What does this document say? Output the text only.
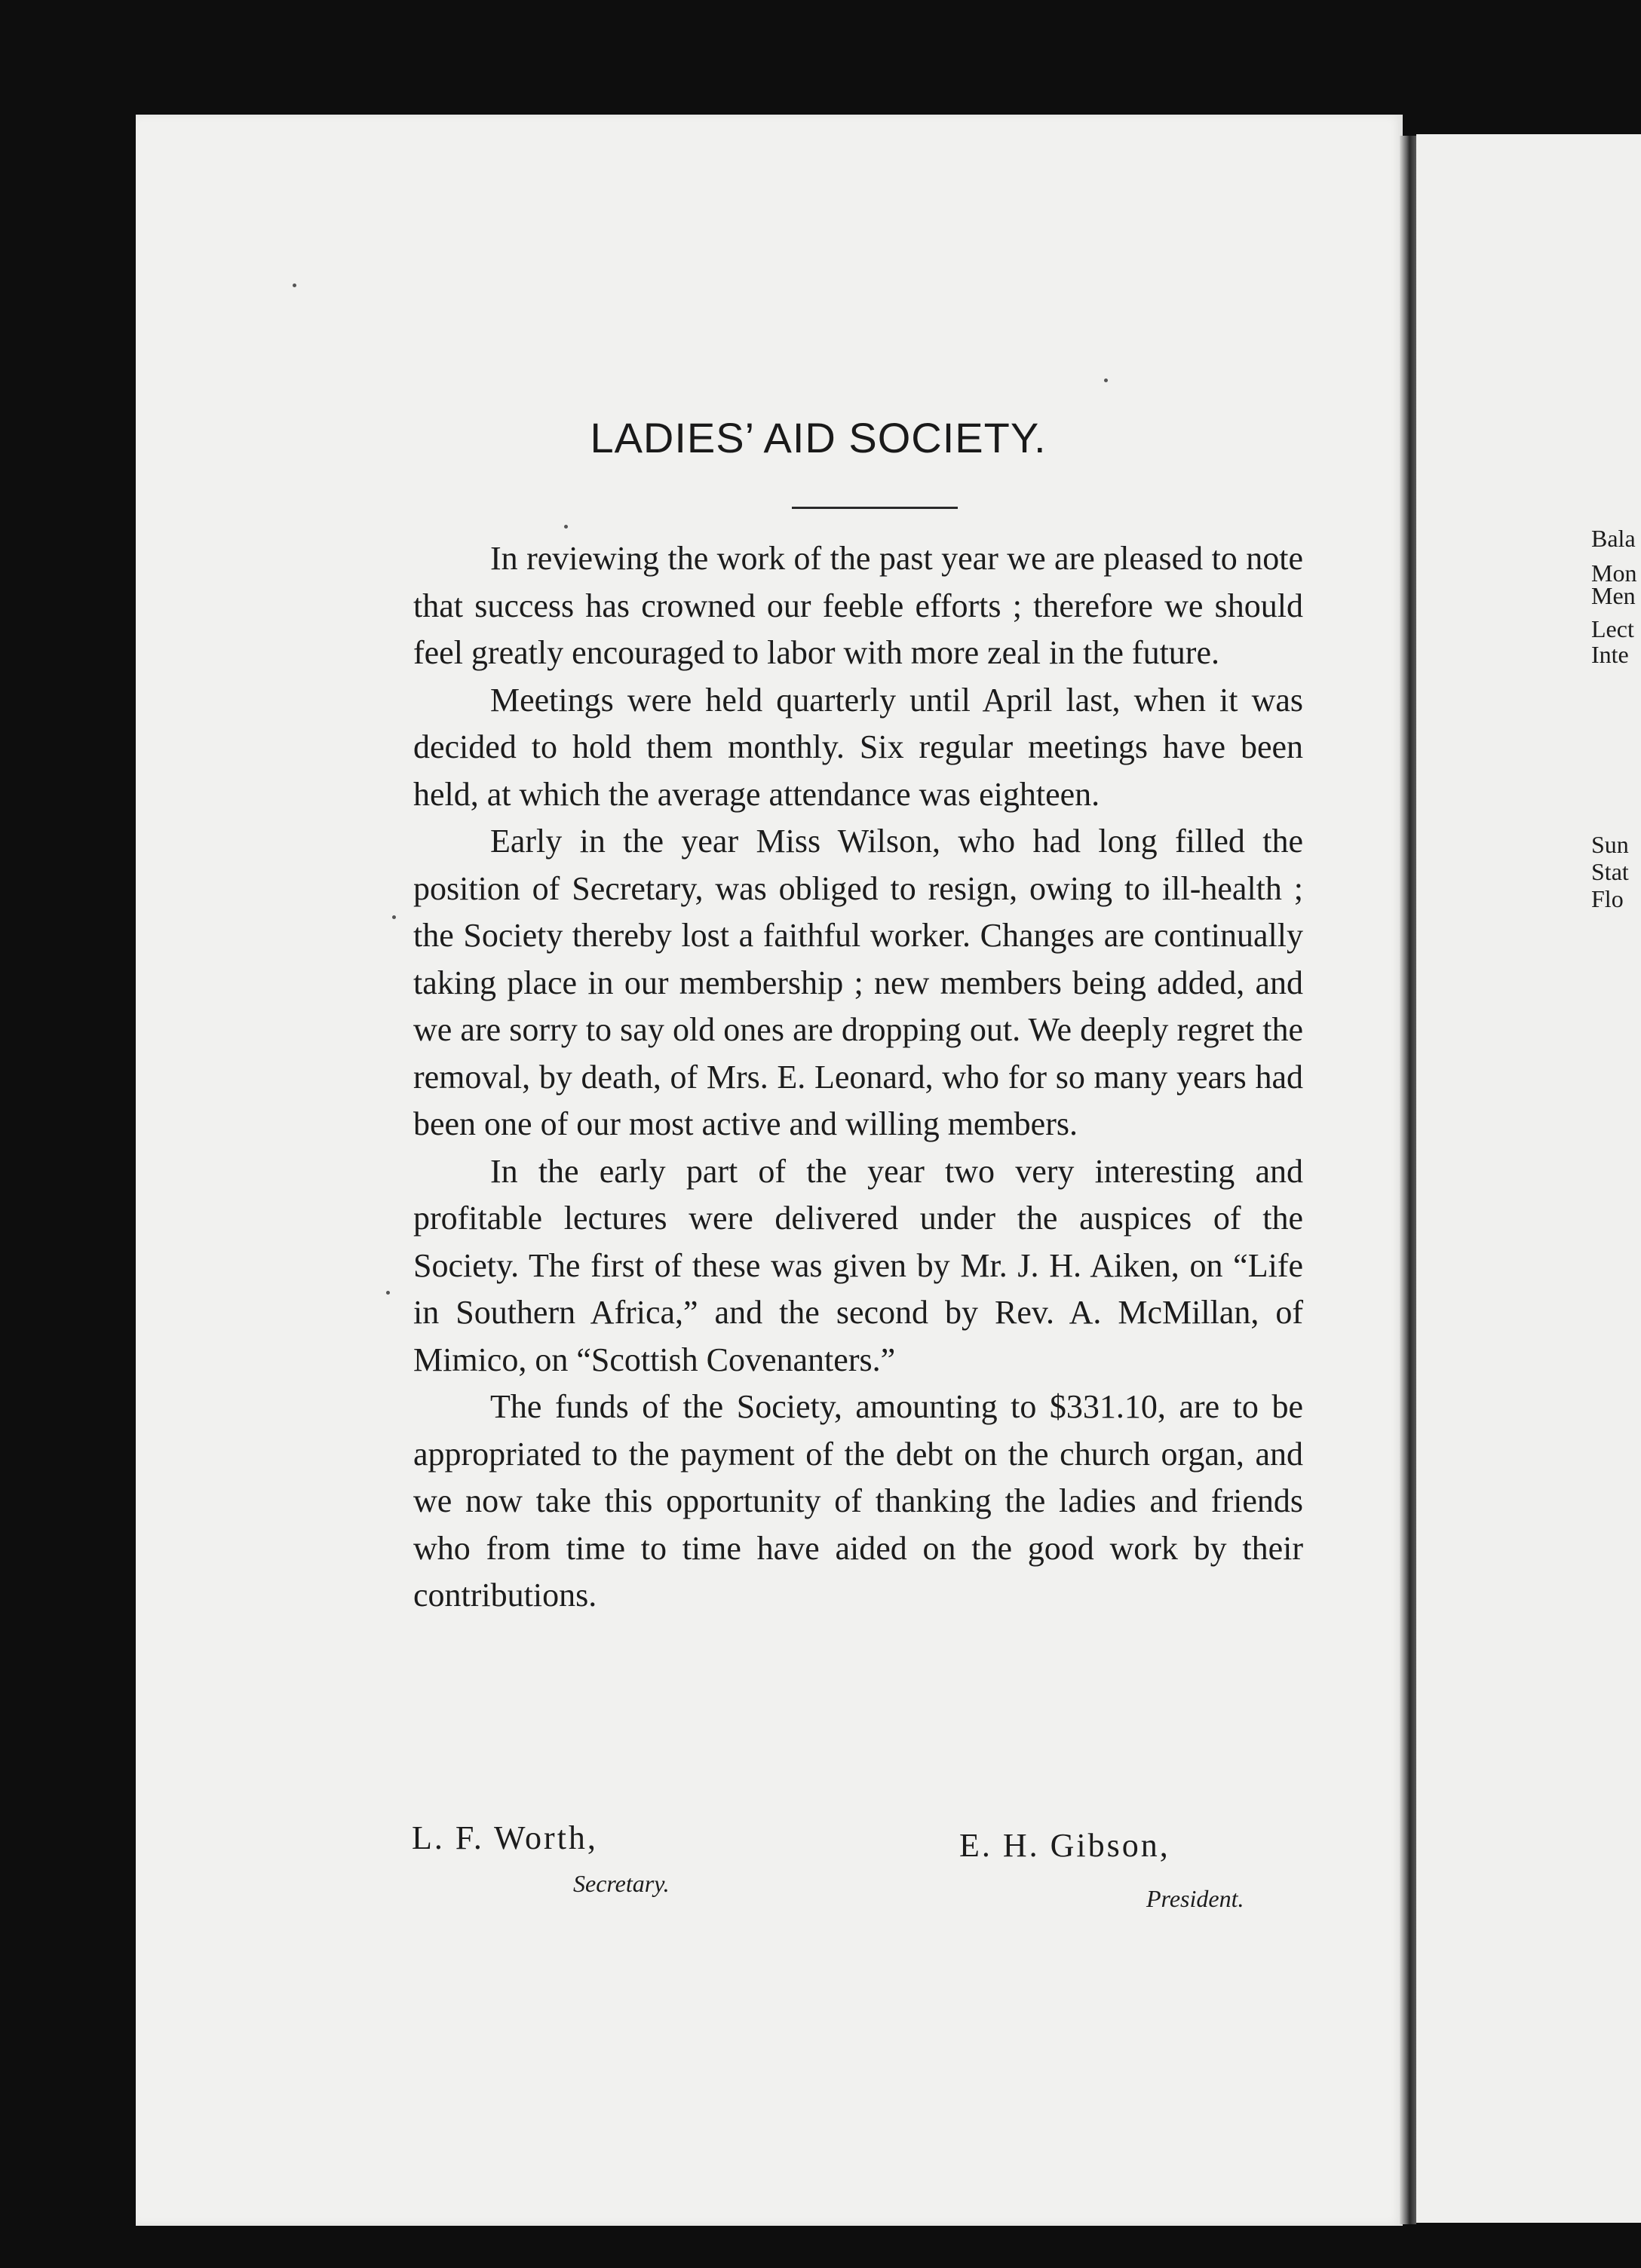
LADIES’ AID SOCIETY.

In reviewing the work of the past year we are pleased to note that success has crowned our feeble efforts ; therefore we should feel greatly encouraged to labor with more zeal in the future.

Meetings were held quarterly until April last, when it was decided to hold them monthly. Six regular meetings have been held, at which the average attendance was eighteen.

Early in the year Miss Wilson, who had long filled the position of Secretary, was obliged to resign, owing to ill-health ; the Society thereby lost a faithful worker. Changes are continually taking place in our membership ; new members being added, and we are sorry to say old ones are dropping out. We deeply regret the removal, by death, of Mrs. E. Leonard, who for so many years had been one of our most active and willing members.

In the early part of the year two very interesting and profitable lectures were delivered under the auspices of the Society. The first of these was given by Mr. J. H. Aiken, on “Life in Southern Africa,” and the second by Rev. A. McMillan, of Mimico, on “Scottish Covenanters.”

The funds of the Society, amounting to $331.10, are to be appropriated to the payment of the debt on the church organ, and we now take this opportunity of thanking the ladies and friends who from time to time have aided on the good work by their contributions.

L. F. Worth,
Secretary.
E. H. Gibson,
President.
Bala
Mon
Men
Lect
Inte
Sun
Stat
Flo
